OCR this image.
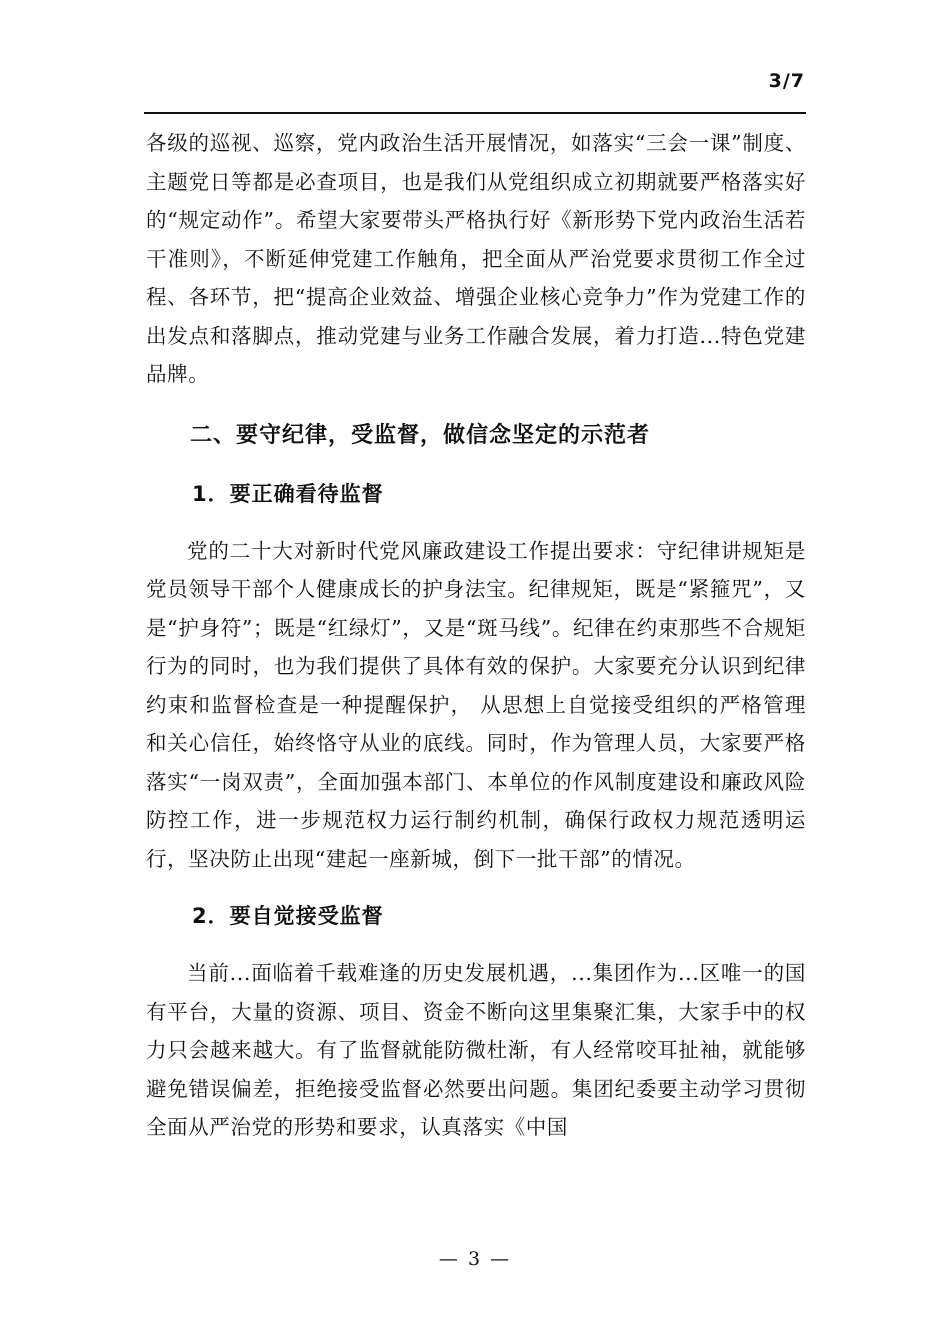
3/7

各级的巡视、巡察，党内政治生活开展情况，如落实“三会一课”制度、主题党日等都是必查项目，也是我们从党组织成立初期就要严格落实好的“规定动作”。希望大家要带头严格执行好《新形势下党内政治生活若干准则》，不断延伸党建工作触角，把全面从严治党要求贯彻工作全过程、各环节，把“提高企业效益、增强企业核心竞争力”作为党建工作的出发点和落脚点，推动党建与业务工作融合发展，着力打造...特色党建品牌。

二、要守纪律，受监督，做信念坚定的示范者
1．要正确看待监督

党的二十大对新时代党风廉政建设工作提出要求：守纪律讲规矩是党员领导干部个人健康成长的护身法宝。纪律规矩，既是“紧箍咒”，又是“护身符”；既是“红绿灯”，又是“斑马线”。纪律在约束那些不合规矩行为的同时，也为我们提供了具体有效的保护。大家要充分认识到纪律约束和监督检查是一种提醒保护， 从思想上自觉接受组织的严格管理和关心信任，始终恪守从业的底线。同时，作为管理人员，大家要严格落实“一岗双责”，全面加强本部门、本单位的作风制度建设和廉政风险防控工作，进一步规范权力运行制约机制，确保行政权力规范透明运行，坚决防止出现“建起一座新城，倒下一批干部”的情况。

2．要自觉接受监督

当前...面临着千载难逢的历史发展机遇，...集团作为...区唯一的国有平台，大量的资源、项目、资金不断向这里集聚汇集，大家手中的权力只会越来越大。有了监督就能防微杜渐，有人经常咬耳扯袖，就能够避免错误偏差，拒绝接受监督必然要出问题。集团纪委要主动学习贯彻全面从严治党的形势和要求，认真落实《中国

— 3 —
